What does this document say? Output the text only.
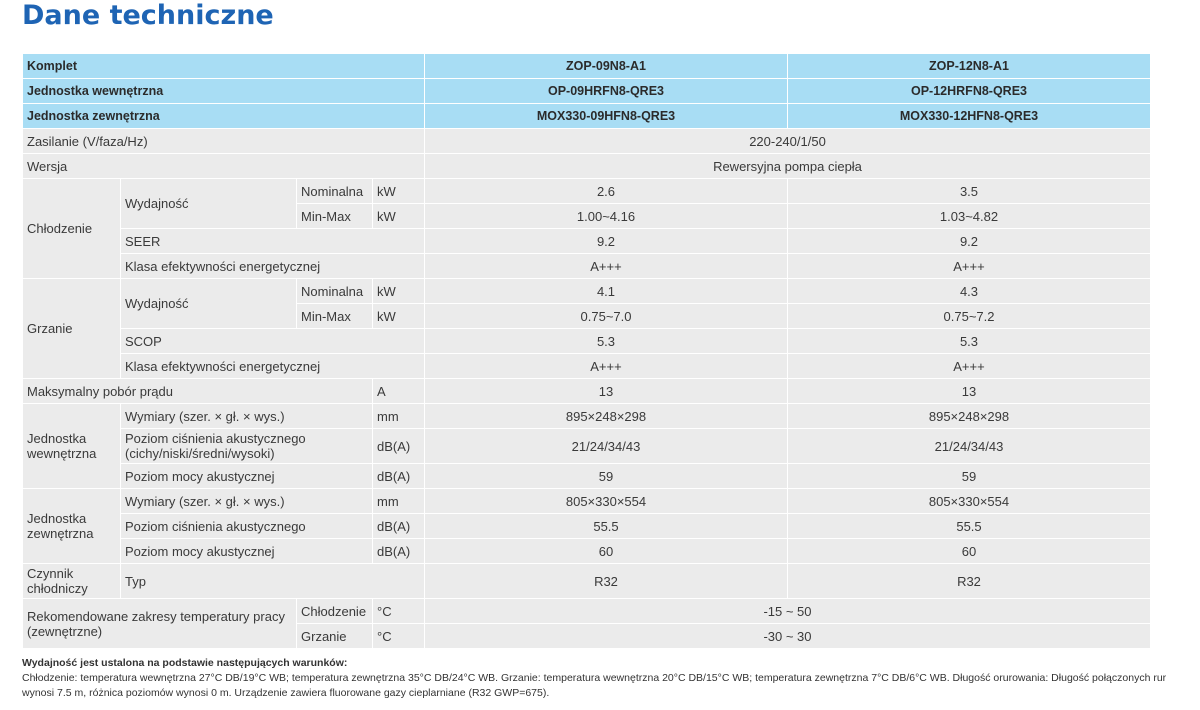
Dane techniczne
Komplet				ZOP-09N8-A1	ZOP-12N8-A1
Jednostka wewnętrzna				OP-09HRFN8-QRE3	OP-12HRFN8-QRE3
Jednostka zewnętrzna				MOX330-09HFN8-QRE3	MOX330-12HFN8-QRE3
Zasilanie (V/faza/Hz)				220-240/1/50	
Wersja				Rewersyjna pompa ciepła	
Chłodzenie	Wydajność	Nominalna	kW	2.6	3.5
		Min-Max	kW	1.00~4.16	1.03~4.82
	SEER			9.2	9.2
	Klasa efektywności energetycznej			A+++	A+++
Grzanie	Wydajność	Nominalna	kW	4.1	4.3
		Min-Max	kW	0.75~7.0	0.75~7.2
	SCOP			5.3	5.3
	Klasa efektywności energetycznej			A+++	A+++
Maksymalny pobór prądu			A	13	13
Jednostka wewnętrzna	Wymiary (szer. × gł. × wys.)		mm	895×248×298	895×248×298
	Poziom ciśnienia akustycznego (cichy/niski/średni/wysoki)		dB(A)	21/24/34/43	21/24/34/43
	Poziom mocy akustycznej		dB(A)	59	59
Jednostka zewnętrzna	Wymiary (szer. × gł. × wys.)		mm	805×330×554	805×330×554
	Poziom ciśnienia akustycznego		dB(A)	55.5	55.5
	Poziom mocy akustycznej		dB(A)	60	60
Czynnik chłodniczy	Typ			R32	R32
Rekomendowane zakresy temperatury pracy (zewnętrzne)		Chłodzenie	°C	-15 ~ 50	
		Grzanie	°C	-30 ~ 30	
Wydajność jest ustalona na podstawie następujących warunków:
Chłodzenie: temperatura wewnętrzna 27°C DB/19°C WB; temperatura zewnętrzna 35°C DB/24°C WB. Grzanie: temperatura wewnętrzna 20°C DB/15°C WB; temperatura zewnętrzna 7°C DB/6°C WB. Długość orurowania: Długość połączonych rur wynosi 7.5 m, różnica poziomów wynosi 0 m. Urządzenie zawiera fluorowane gazy cieplarniane (R32 GWP=675).
